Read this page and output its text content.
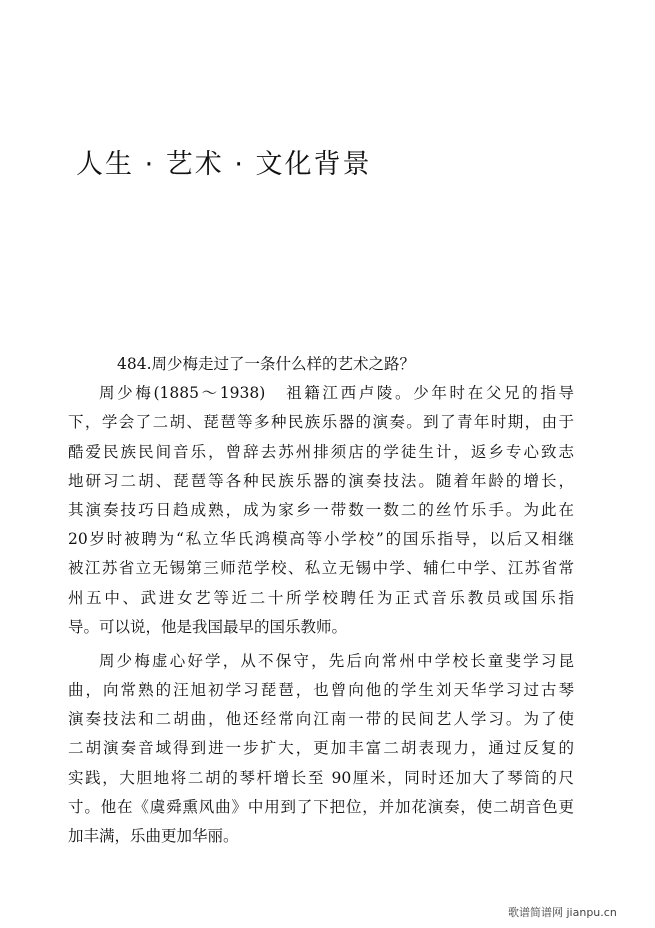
人生 · 艺术 · 文化背景
484.周少梅走过了一条什么样的艺术之路？
周少梅(1885～1938)　祖籍江西卢陵。少年时在父兄的指导
下，学会了二胡、琵琶等多种民族乐器的演奏。到了青年时期，由于
酷爱民族民间音乐，曾辞去苏州排须店的学徒生计，返乡专心致志
地研习二胡、琵琶等各种民族乐器的演奏技法。随着年龄的增长，
其演奏技巧日趋成熟，成为家乡一带数一数二的丝竹乐手。为此在
20岁时被聘为“私立华氏鸿模高等小学校”的国乐指导，以后又相继
被江苏省立无锡第三师范学校、私立无锡中学、辅仁中学、江苏省常
州五中、武进女艺等近二十所学校聘任为正式音乐教员或国乐指
导。可以说，他是我国最早的国乐教师。
周少梅虚心好学，从不保守，先后向常州中学校长童斐学习昆
曲，向常熟的汪旭初学习琵琶，也曾向他的学生刘天华学习过古琴
演奏技法和二胡曲，他还经常向江南一带的民间艺人学习。为了使
二胡演奏音域得到进一步扩大，更加丰富二胡表现力，通过反复的
实践，大胆地将二胡的琴杆增长至 90厘米，同时还加大了琴筒的尺
寸。他在《虞舜熏风曲》中用到了下把位，并加花演奏，使二胡音色更
加丰满，乐曲更加华丽。
歌谱简谱网 jianpu.cn
